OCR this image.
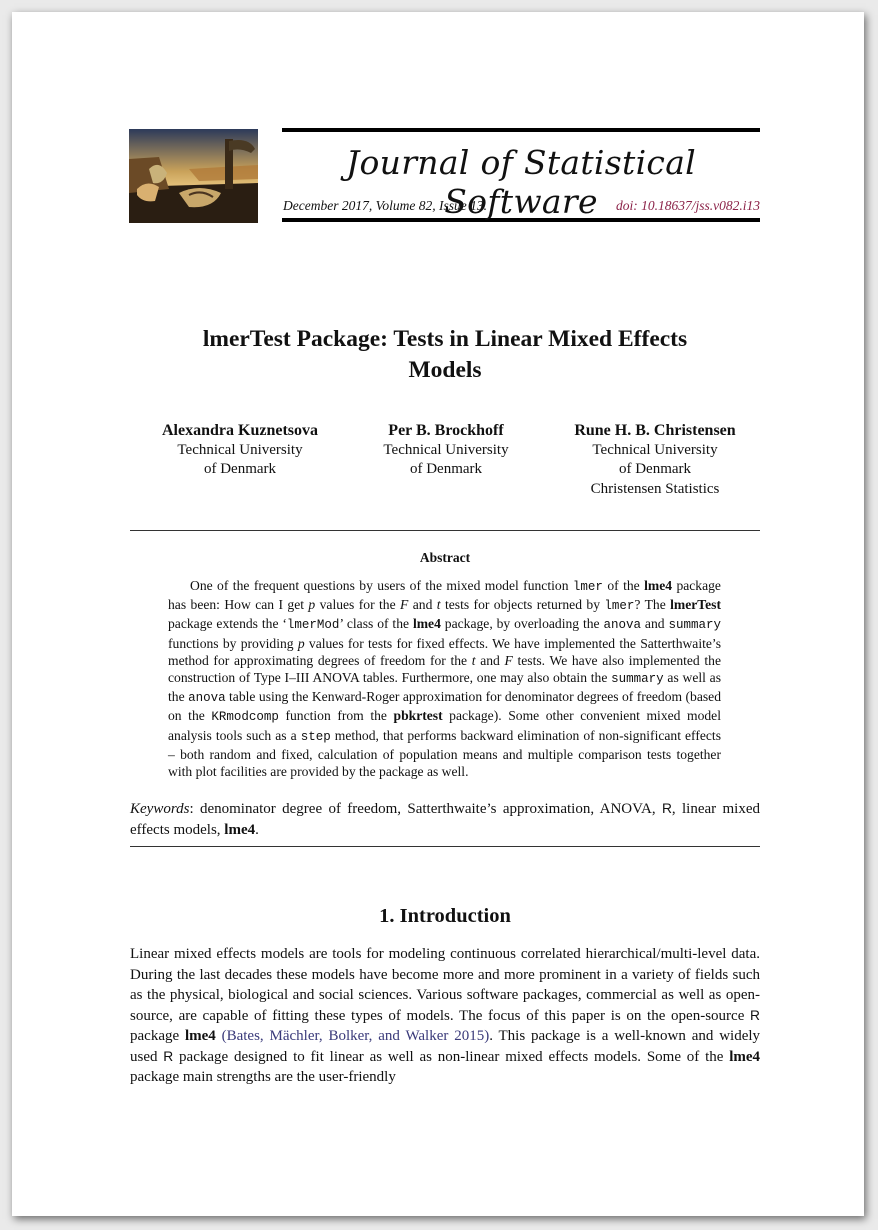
Journal of Statistical Software
December 2017, Volume 82, Issue 13.	doi: 10.18637/jss.v082.i13
lmerTest Package: Tests in Linear Mixed Effects
Models
Alexandra Kuznetsova
Technical University
of Denmark
Per B. Brockhoff
Technical University
of Denmark
Rune H. B. Christensen
Technical University
of Denmark
Christensen Statistics
Abstract

One of the frequent questions by users of the mixed model function lmer of the lme4 package has been: How can I get p values for the F and t tests for objects returned by lmer? The lmerTest package extends the ‘lmerMod’ class of the lme4 package, by overloading the anova and summary functions by providing p values for tests for fixed effects. We have implemented the Satterthwaite’s method for approximating degrees of freedom for the t and F tests. We have also implemented the construction of Type I–III ANOVA tables. Furthermore, one may also obtain the summary as well as the anova table using the Kenward-Roger approximation for denominator degrees of freedom (based on the KRmodcomp function from the pbkrtest package). Some other convenient mixed model analysis tools such as a step method, that performs backward elimination of non-significant effects – both random and fixed, calculation of population means and multiple comparison tests together with plot facilities are provided by the package as well.

Keywords: denominator degree of freedom, Satterthwaite’s approximation, ANOVA, R, linear mixed effects models, lme4.
1. Introduction

Linear mixed effects models are tools for modeling continuous correlated hierarchical/multi-level data. During the last decades these models have become more and more prominent in a variety of fields such as the physical, biological and social sciences. Various software packages, commercial as well as open-source, are capable of fitting these types of models. The focus of this paper is on the open-source R package lme4 (Bates, Mächler, Bolker, and Walker 2015). This package is a well-known and widely used R package designed to fit linear as well as non-linear mixed effects models. Some of the lme4 package main strengths are the user-friendly
